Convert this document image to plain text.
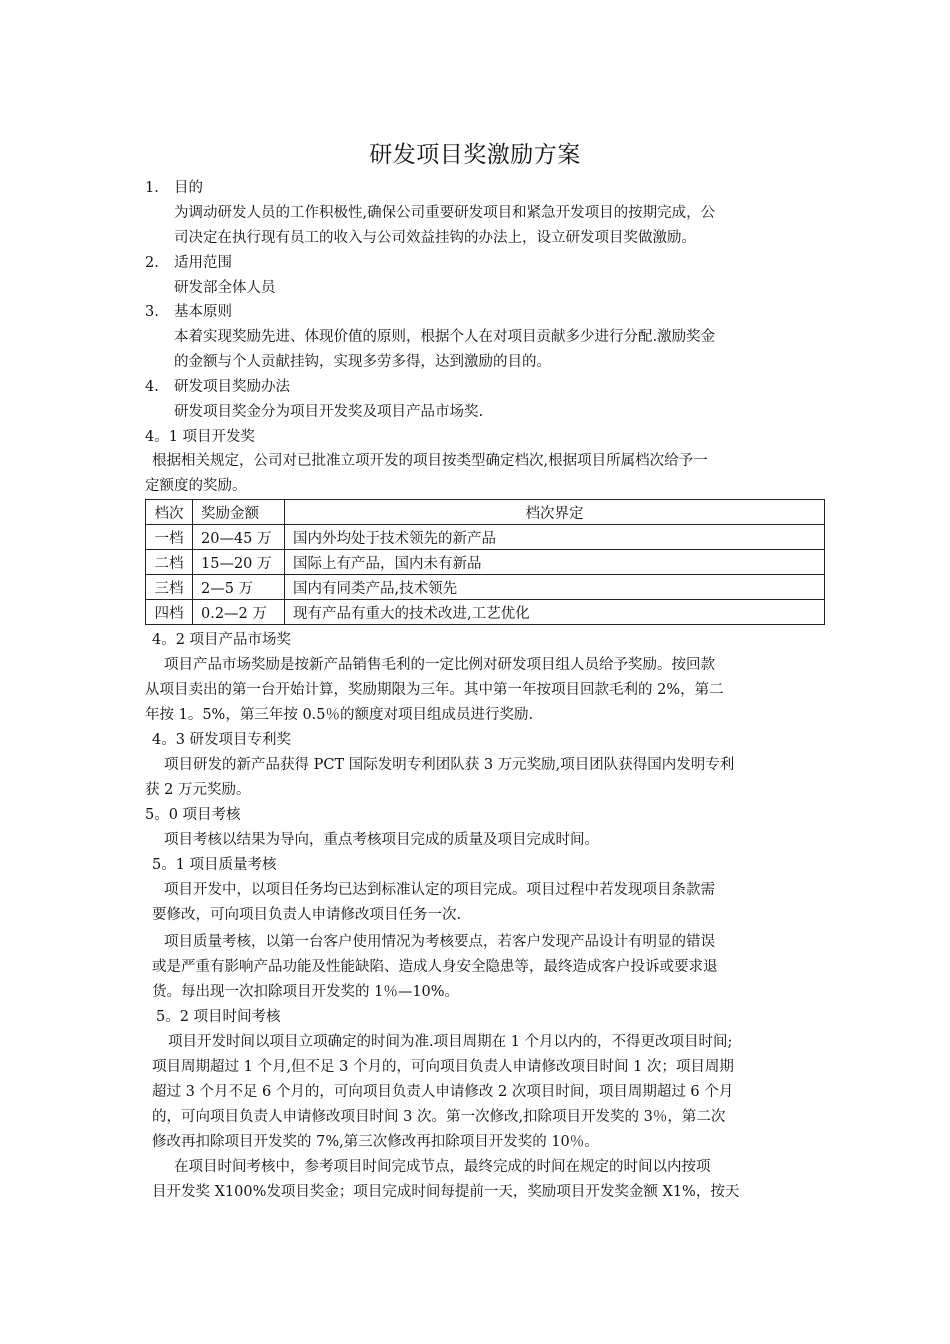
研发项目奖激励方案
1. 目的
为调动研发人员的工作积极性,确保公司重要研发项目和紧急开发项目的按期完成，公
司决定在执行现有员工的收入与公司效益挂钩的办法上，设立研发项目奖做激励。
2. 适用范围
研发部全体人员
3. 基本原则
本着实现奖励先进、体现价值的原则，根据个人在对项目贡献多少进行分配.激励奖金
的金额与个人贡献挂钩，实现多劳多得，达到激励的目的。
4. 研发项目奖励办法
研发项目奖金分为项目开发奖及项目产品市场奖.
4。1 项目开发奖
根据相关规定，公司对已批准立项开发的项目按类型确定档次,根据项目所属档次给予一
定额度的奖励。
档次	奖励金额	档次界定
一档	20—45 万	国内外均处于技术领先的新产品
二档	15—20 万	国际上有产品，国内未有新品
三档	2—5 万	国内有同类产品,技术领先
四档	0.2—2 万	现有产品有重大的技术改进,工艺优化
4。2 项目产品市场奖
项目产品市场奖励是按新产品销售毛利的一定比例对研发项目组人员给予奖励。按回款
从项目卖出的第一台开始计算，奖励期限为三年。其中第一年按项目回款毛利的 2%，第二
年按 1。5%，第三年按 0.5％的额度对项目组成员进行奖励.
4。3 研发项目专利奖
项目研发的新产品获得 PCT 国际发明专利团队获 3 万元奖励,项目团队获得国内发明专利
获 2 万元奖励。
5。0 项目考核
项目考核以结果为导向，重点考核项目完成的质量及项目完成时间。
5。1 项目质量考核
项目开发中，以项目任务均已达到标准认定的项目完成。项目过程中若发现项目条款需
要修改，可向项目负责人申请修改项目任务一次.
项目质量考核，以第一台客户使用情况为考核要点，若客户发现产品设计有明显的错误
或是严重有影响产品功能及性能缺陷、造成人身安全隐患等，最终造成客户投诉或要求退
货。每出现一次扣除项目开发奖的 1％—10%。
5。2 项目时间考核
项目开发时间以项目立项确定的时间为准.项目周期在 1 个月以内的，不得更改项目时间;
项目周期超过 1 个月,但不足 3 个月的，可向项目负责人申请修改项目时间 1 次；项目周期
超过 3 个月不足 6 个月的，可向项目负责人申请修改 2 次项目时间，项目周期超过 6 个月
的，可向项目负责人申请修改项目时间 3 次。第一次修改,扣除项目开发奖的 3％，第二次
修改再扣除项目开发奖的 7%,第三次修改再扣除项目开发奖的 10％。
在项目时间考核中，参考项目时间完成节点，最终完成的时间在规定的时间以内按项
目开发奖 X100%发项目奖金；项目完成时间每提前一天，奖励项目开发奖金额 X1%，按天
